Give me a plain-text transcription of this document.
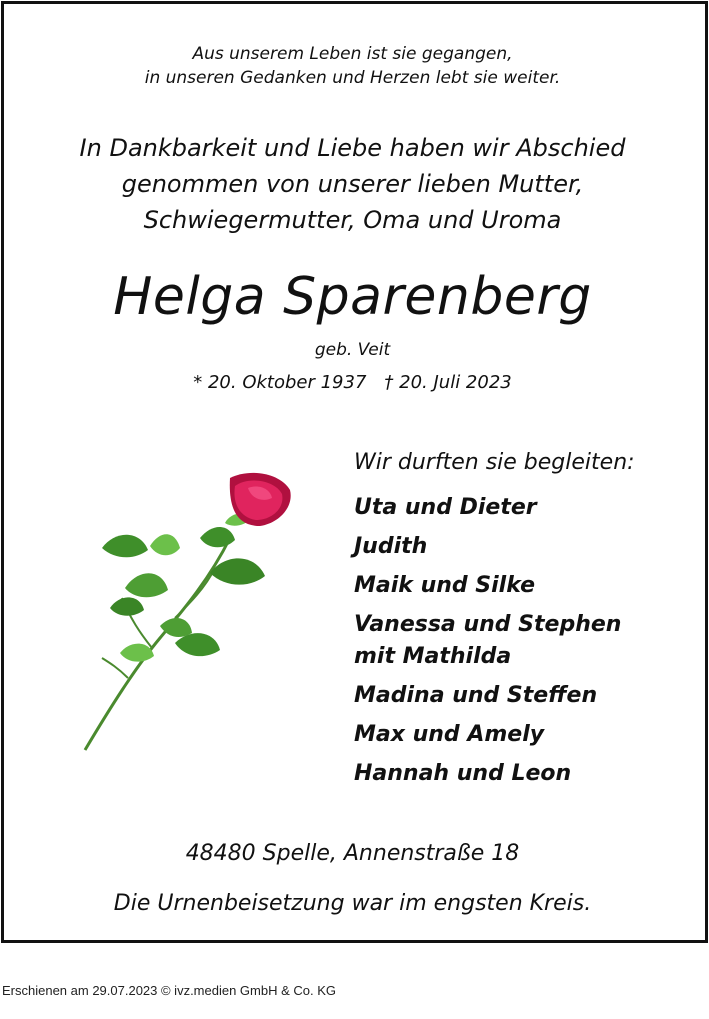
Aus unserem Leben ist sie gegangen,
in unseren Gedanken und Herzen lebt sie weiter.
In Dankbarkeit und Liebe haben wir Abschied
genommen von unserer lieben Mutter,
Schwiegermutter, Oma und Uroma
Helga Sparenberg
geb. Veit
* 20. Oktober 1937 † 20. Juli 2023
Wir durften sie begleiten:
Uta und Dieter
Judith
Maik und Silke
Vanessa und Stephen
mit Mathilda
Madina und Steffen
Max und Amely
Hannah und Leon
48480 Spelle, Annenstraße 18
Die Urnenbeisetzung war im engsten Kreis.
Erschienen am 29.07.2023 © ivz.medien GmbH & Co. KG
